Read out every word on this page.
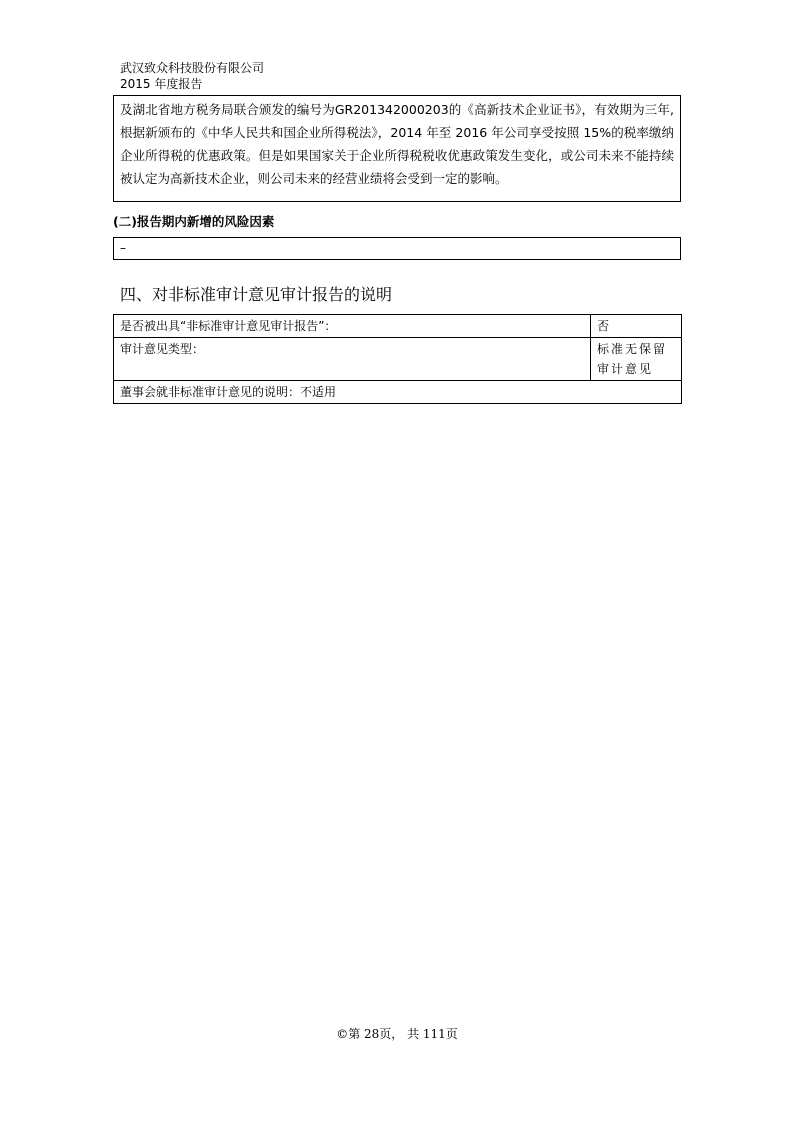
武汉致众科技股份有限公司
2015 年度报告
及湖北省地方税务局联合颁发的编号为GR201342000203的《高新技术企业证书》，有效期为三年,根据新颁布的《中华人民共和国企业所得税法》，2014 年至 2016 年公司享受按照 15%的税率缴纳企业所得税的优惠政策。但是如果国家关于企业所得税税收优惠政策发生变化，或公司未来不能持续被认定为高新技术企业，则公司未来的经营业绩将会受到一定的影响。
(二)报告期内新增的风险因素
–
四、对非标准审计意见审计报告的说明
是否被出具“非标准审计意见审计报告”：	否
审计意见类型：	标准无保留审计意见
董事会就非标准审计意见的说明：不适用	
©第 28页， 共 111页
